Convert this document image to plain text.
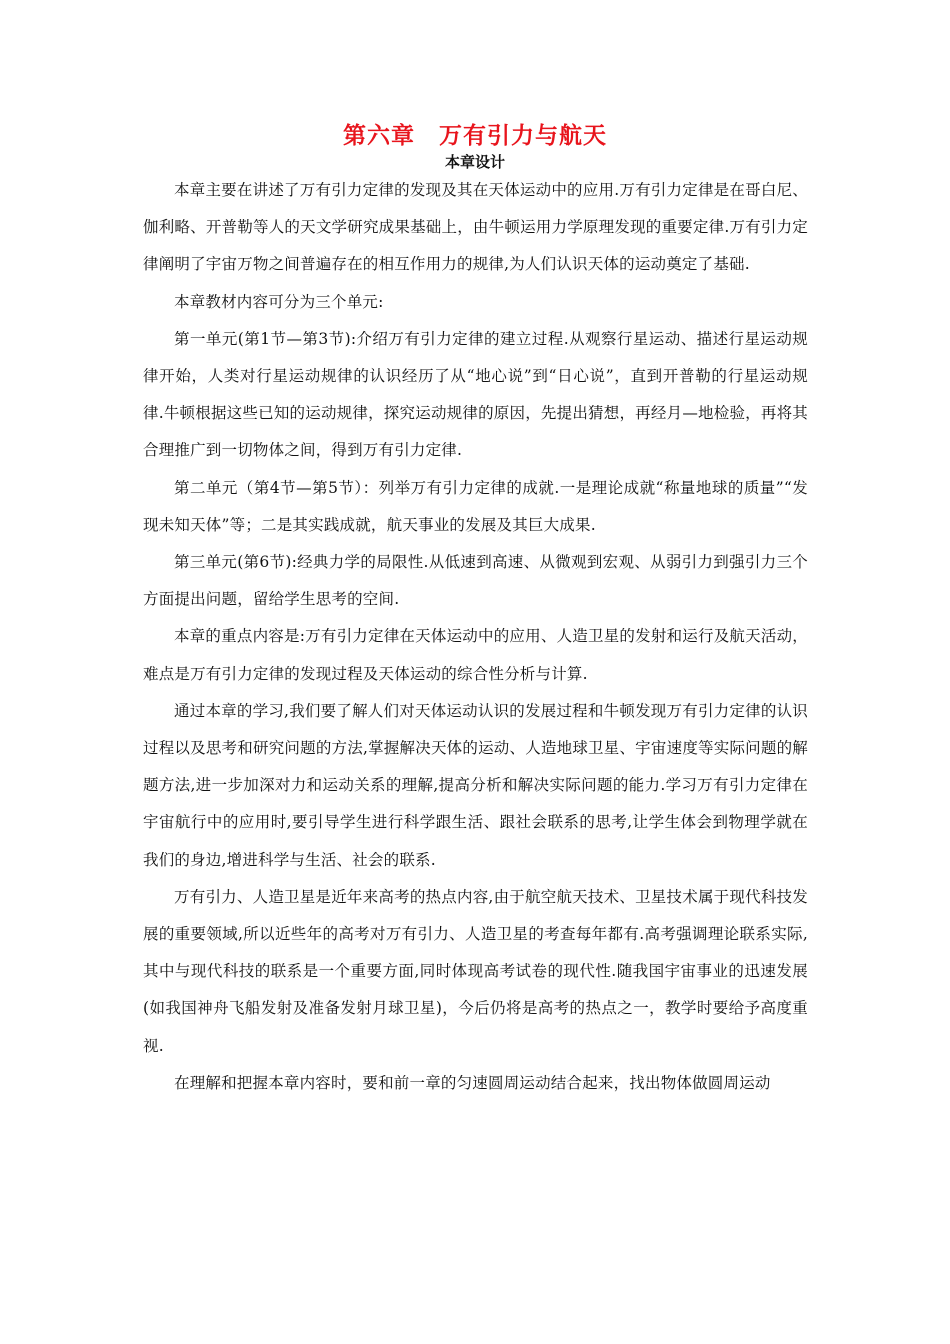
第六章　万有引力与航天
本章设计

本章主要在讲述了万有引力定律的发现及其在天体运动中的应用.万有引力定律是在哥白尼、伽利略、开普勒等人的天文学研究成果基础上，由牛顿运用力学原理发现的重要定律.万有引力定律阐明了宇宙万物之间普遍存在的相互作用力的规律,为人们认识天体的运动奠定了基础.

本章教材内容可分为三个单元:

第一单元(第1节—第3节):介绍万有引力定律的建立过程.从观察行星运动、描述行星运动规律开始，人类对行星运动规律的认识经历了从“地心说”到“日心说”，直到开普勒的行星运动规律.牛顿根据这些已知的运动规律，探究运动规律的原因，先提出猜想，再经月—地检验，再将其合理推广到一切物体之间，得到万有引力定律.

第二单元（第4节—第5节）：列举万有引力定律的成就.一是理论成就“称量地球的质量”“发现未知天体”等；二是其实践成就，航天事业的发展及其巨大成果.

第三单元(第6节):经典力学的局限性.从低速到高速、从微观到宏观、从弱引力到强引力三个方面提出问题，留给学生思考的空间.

本章的重点内容是:万有引力定律在天体运动中的应用、人造卫星的发射和运行及航天活动，难点是万有引力定律的发现过程及天体运动的综合性分析与计算.

通过本章的学习,我们要了解人们对天体运动认识的发展过程和牛顿发现万有引力定律的认识过程以及思考和研究问题的方法,掌握解决天体的运动、人造地球卫星、宇宙速度等实际问题的解题方法,进一步加深对力和运动关系的理解,提高分析和解决实际问题的能力.学习万有引力定律在宇宙航行中的应用时,要引导学生进行科学跟生活、跟社会联系的思考,让学生体会到物理学就在我们的身边,增进科学与生活、社会的联系.

万有引力、人造卫星是近年来高考的热点内容,由于航空航天技术、卫星技术属于现代科技发展的重要领域,所以近些年的高考对万有引力、人造卫星的考查每年都有.高考强调理论联系实际,其中与现代科技的联系是一个重要方面,同时体现高考试卷的现代性.随我国宇宙事业的迅速发展(如我国神舟飞船发射及准备发射月球卫星)，今后仍将是高考的热点之一，教学时要给予高度重视.

在理解和把握本章内容时，要和前一章的匀速圆周运动结合起来，找出物体做圆周运动
